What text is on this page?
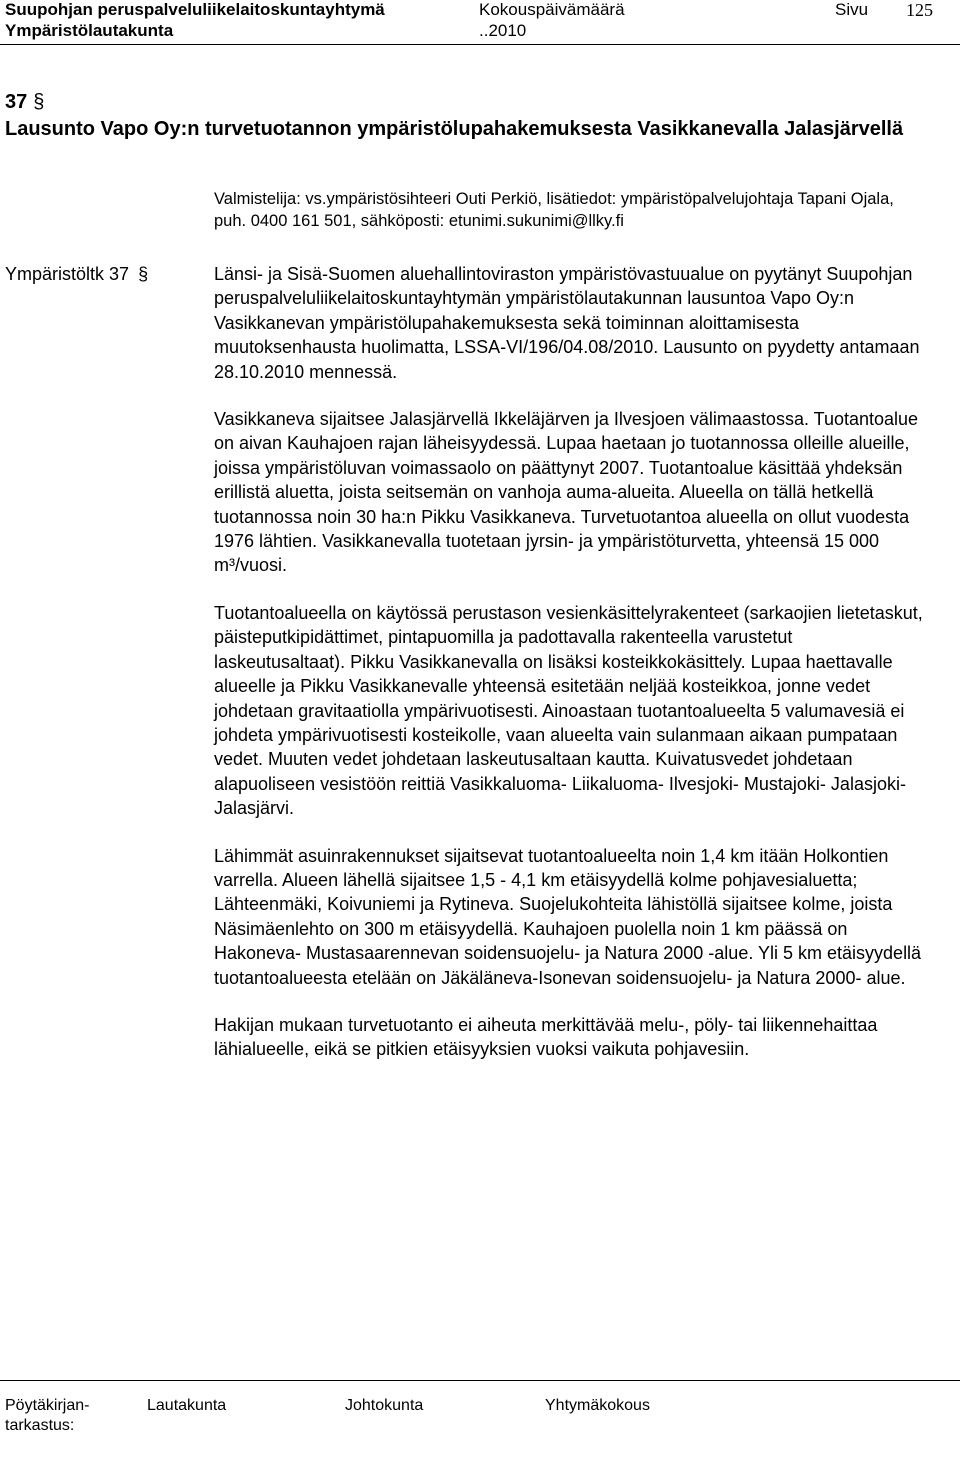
Suupohjan peruspalveluliikelaitoskuntayhtymä
Ympäristölautakunta
Kokouspäivämäärä
..2010
Sivu 125
37 §
Lausunto Vapo Oy:n turvetuotannon ympäristölupahakemuksesta Vasikkanevalla Jalasjärvellä
Valmistelija: vs.ympäristösihteeri Outi Perkiö, lisätiedot: ympäristöpalvelujohtaja Tapani Ojala, puh. 0400 161 501, sähköposti: etunimi.sukunimi@llky.fi
Ympäristöltk 37 §	Länsi- ja Sisä-Suomen aluehallintoviraston ympäristövastuualue on pyytänyt Suupohjan peruspalveluliikelaitoskuntayhtymän ympäristölautakunnan lausuntoa Vapo Oy:n Vasikkanevan ympäristölupahakemuksesta sekä toiminnan aloittamisesta muutoksenhausta huolimatta, LSSA-VI/196/04.08/2010. Lausunto on pyydetty antamaan 28.10.2010 mennessä.

Vasikkaneva sijaitsee Jalasjärvellä Ikkeläjärven ja Ilvesjoen välimaastossa. Tuotantoalue on aivan Kauhajoen rajan läheisyydessä. Lupaa haetaan jo tuotannossa olleille alueille, joissa ympäristöluvan voimassaolo on päättynyt 2007. Tuotantoalue käsittää yhdeksän erillistä aluetta, joista seitsemän on vanhoja auma-alueita. Alueella on tällä hetkellä tuotannossa noin 30 ha:n Pikku Vasikkaneva. Turvetuotantoa alueella on ollut vuodesta 1976 lähtien. Vasikkanevalla tuotetaan jyrsin- ja ympäristöturvetta, yhteensä 15 000 m³/vuosi.

Tuotantoalueella on käytössä perustason vesienkäsittelyrakenteet (sarkaojien lietetaskut, päisteputkipidättimet, pintapuomilla ja padottavalla rakenteella varustetut laskeutusaltaat). Pikku Vasikkanevalla on lisäksi kosteikkokäsittely. Lupaa haettavalle alueelle ja Pikku Vasikkanevalle yhteensä esitetään neljää kosteikkoa, jonne vedet johdetaan gravitaatiolla ympärivuotisesti. Ainoastaan tuotantoalueelta 5 valumavesiä ei johdeta ympärivuotisesti kosteikolle, vaan alueelta vain sulanmaan aikaan pumpataan vedet. Muuten vedet johdetaan laskeutusaltaan kautta. Kuivatusvedet johdetaan alapuoliseen vesistöön reittiä Vasikkaluoma- Liikaluoma- Ilvesjoki- Mustajoki- Jalasjoki- Jalasjärvi.

Lähimmät asuinrakennukset sijaitsevat tuotantoalueelta noin 1,4 km itään Holkontien varrella. Alueen lähellä sijaitsee 1,5 - 4,1 km etäisyydellä kolme pohjavesialuetta; Lähteenmäki, Koivuniemi ja Rytineva. Suojelukohteita lähistöllä sijaitsee kolme, joista Näsimäenlehto on 300 m etäisyydellä. Kauhajoen puolella noin 1 km päässä on Hakoneva- Mustasaarennevan soidensuojelu- ja Natura 2000 -alue. Yli 5 km etäisyydellä tuotantoalueesta etelään on Jäkäläneva-Isonevan soidensuojelu- ja Natura 2000- alue.

Hakijan mukaan turvetuotanto ei aiheuta merkittävää melu-, pöly- tai liikennehaittaa lähialueelle, eikä se pitkien etäisyyksien vuoksi vaikuta pohjavesiin.

Pöytäkirjan-tarkastus:
Lautakunta	Johtokunta	Yhtymäkokous
